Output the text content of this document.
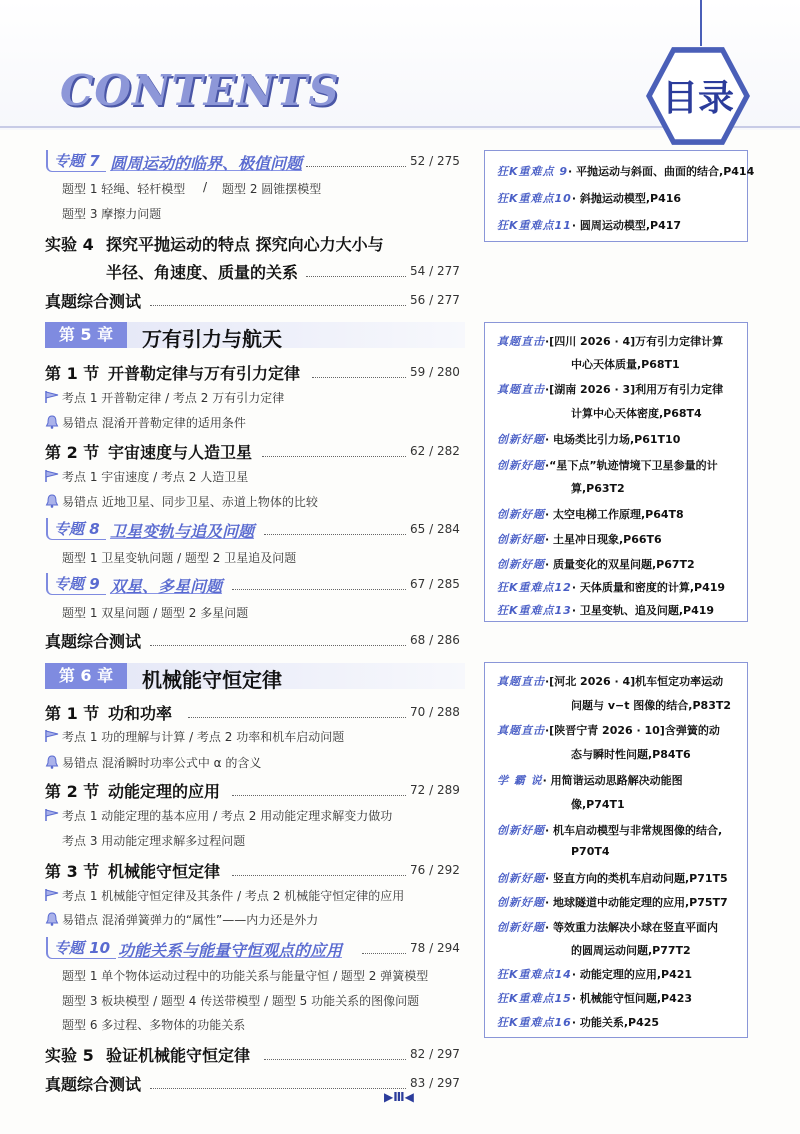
CONTENTS	目录
专题 7 圆周运动的临界、极值问题	52 / 275
题型 1 轻绳、轻杆模型 / 题型 2 圆锥摆模型
题型 3 摩擦力问题
实验 4 探究平抛运动的特点 探究向心力大小与
半径、角速度、质量的关系	54 / 277
真题综合测试	56 / 277
第 5 章	万有引力与航天
第 1 节 开普勒定律与万有引力定律	59 / 280
考点 1 开普勒定律 / 考点 2 万有引力定律
易错点 混淆开普勒定律的适用条件
第 2 节 宇宙速度与人造卫星	62 / 282
考点 1 宇宙速度 / 考点 2 人造卫星
易错点 近地卫星、同步卫星、赤道上物体的比较
专题 8 卫星变轨与追及问题	65 / 284
题型 1 卫星变轨问题 / 题型 2 卫星追及问题
专题 9 双星、多星问题	67 / 285
题型 1 双星问题 / 题型 2 多星问题
真题综合测试	68 / 286
第 6 章	机械能守恒定律
第 1 节 功和功率	70 / 288
考点 1 功的理解与计算 / 考点 2 功率和机车启动问题
易错点 混淆瞬时功率公式中 α 的含义
第 2 节 动能定理的应用	72 / 289
考点 1 动能定理的基本应用 / 考点 2 用动能定理求解变力做功
考点 3 用动能定理求解多过程问题
第 3 节 机械能守恒定律	76 / 292
考点 1 机械能守恒定律及其条件 / 考点 2 机械能守恒定律的应用
易错点 混淆弹簧弹力的“属性”——内力还是外力
专题 10 功能关系与能量守恒观点的应用	78 / 294
题型 1 单个物体运动过程中的功能关系与能量守恒 / 题型 2 弹簧模型
题型 3 板块模型 / 题型 4 传送带模型 / 题型 5 功能关系的图像问题
题型 6 多过程、多物体的功能关系
实验 5 验证机械能守恒定律	82 / 297
真题综合测试	83 / 297
狂K重难点 9· 平抛运动与斜面、曲面的结合,P414
狂K重难点10· 斜抛运动模型,P416
狂K重难点11· 圆周运动模型,P417
真题直击·[四川 2026 · 4]万有引力定律计算
中心天体质量,P68T1
真题直击·[湖南 2026 · 3]利用万有引力定律
计算中心天体密度,P68T4
创新好题· 电场类比引力场,P61T10
创新好题·“星下点”轨迹情境下卫星参量的计
算,P63T2
创新好题· 太空电梯工作原理,P64T8
创新好题· 土星冲日现象,P66T6
创新好题· 质量变化的双星问题,P67T2
狂K重难点12· 天体质量和密度的计算,P419
狂K重难点13· 卫星变轨、追及问题,P419
真题直击·[河北 2026 · 4]机车恒定功率运动
问题与 v−t 图像的结合,P83T2
真题直击·[陕晋宁青 2026 · 10]含弹簧的动
态与瞬时性问题,P84T6
学 霸 说· 用简谐运动思路解决动能图
像,P74T1
创新好题· 机车启动模型与非常规图像的结合,
P70T4
创新好题· 竖直方向的类机车启动问题,P71T5
创新好题· 地球隧道中动能定理的应用,P75T7
创新好题· 等效重力法解决小球在竖直平面内
的圆周运动问题,P77T2
狂K重难点14· 动能定理的应用,P421
狂K重难点15· 机械能守恒问题,P423
狂K重难点16· 功能关系,P425
▶Ⅲ◀
